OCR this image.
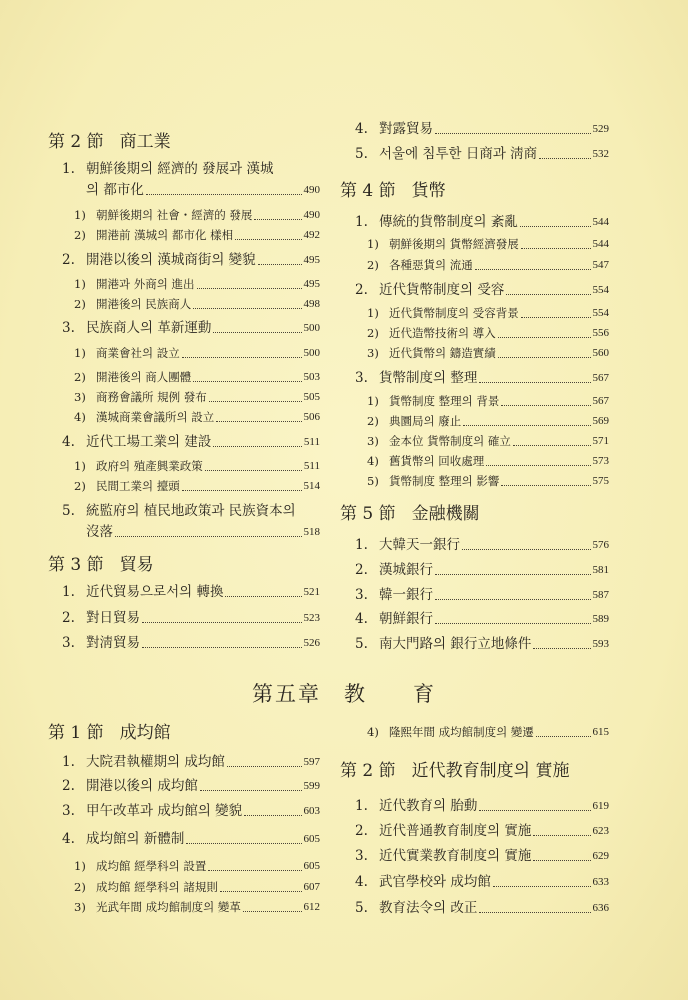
第五章　教　　育
第 2 節 商工業
1. 朝鮮後期의 經濟的 發展과 漢城
의 都市化	490
1) 朝鮮後期의 社會・經濟的 發展	490
2) 開港前 漢城의 都市化 樣相	492
2. 開港以後의 漢城商街의 變貌	495
1) 開港과 外商의 進出	495
2) 開港後의 民族商人	498
3. 民族商人의 革新運動	500
1) 商業會社의 設立	500
2) 開港後의 商人團體	503
3) 商務會議所 規例 發布	505
4) 漢城商業會議所의 設立	506
4. 近代工場工業의 建設	511
1) 政府의 殖產興業政策	511
2) 民間工業의 擡頭	514
5. 統監府의 植民地政策과 民族資本의
沒落	518
第 3 節 貿易
1. 近代貿易으로서의 轉換	521
2. 對日貿易	523
3. 對淸貿易	526
4. 對露貿易	529
5. 서울에 침투한 日商과 淸商	532
第 4 節 貨幣
1. 傳統的貨幣制度의 紊亂	544
1) 朝鮮後期의 貨幣經濟發展	544
2) 各種惡貨의 流通	547
2. 近代貨幣制度의 受容	554
1) 近代貨幣制度의 受容背景	554
2) 近代造幣技術의 導入	556
3) 近代貨幣의 鑄造實績	560
3. 貨幣制度의 整理	567
1) 貨幣制度 整理의 背景	567
2) 典圜局의 廢止	569
3) 金本位 貨幣制度의 確立	571
4) 舊貨幣의 回收處理	573
5) 貨幣制度 整理의 影響	575
第 5 節 金融機關
1. 大韓天一銀行	576
2. 漢城銀行	581
3. 韓一銀行	587
4. 朝鮮銀行	589
5. 南大門路의 銀行立地條件	593
第 1 節 成均館
1. 大院君執權期의 成均館	597
2. 開港以後의 成均館	599
3. 甲午改革과 成均館의 變貌	603
4. 成均館의 新體制	605
1) 成均館 經學科의 設置	605
2) 成均館 經學科의 諸規則	607
3) 光武年間 成均館制度의 變革	612
4) 隆熙年間 成均館制度의 變遷	615
第 2 節 近代教育制度의 實施
1. 近代教育의 胎動	619
2. 近代普通教育制度의 實施	623
3. 近代實業教育制度의 實施	629
4. 武官學校와 成均館	633
5. 教育法令의 改正	636
